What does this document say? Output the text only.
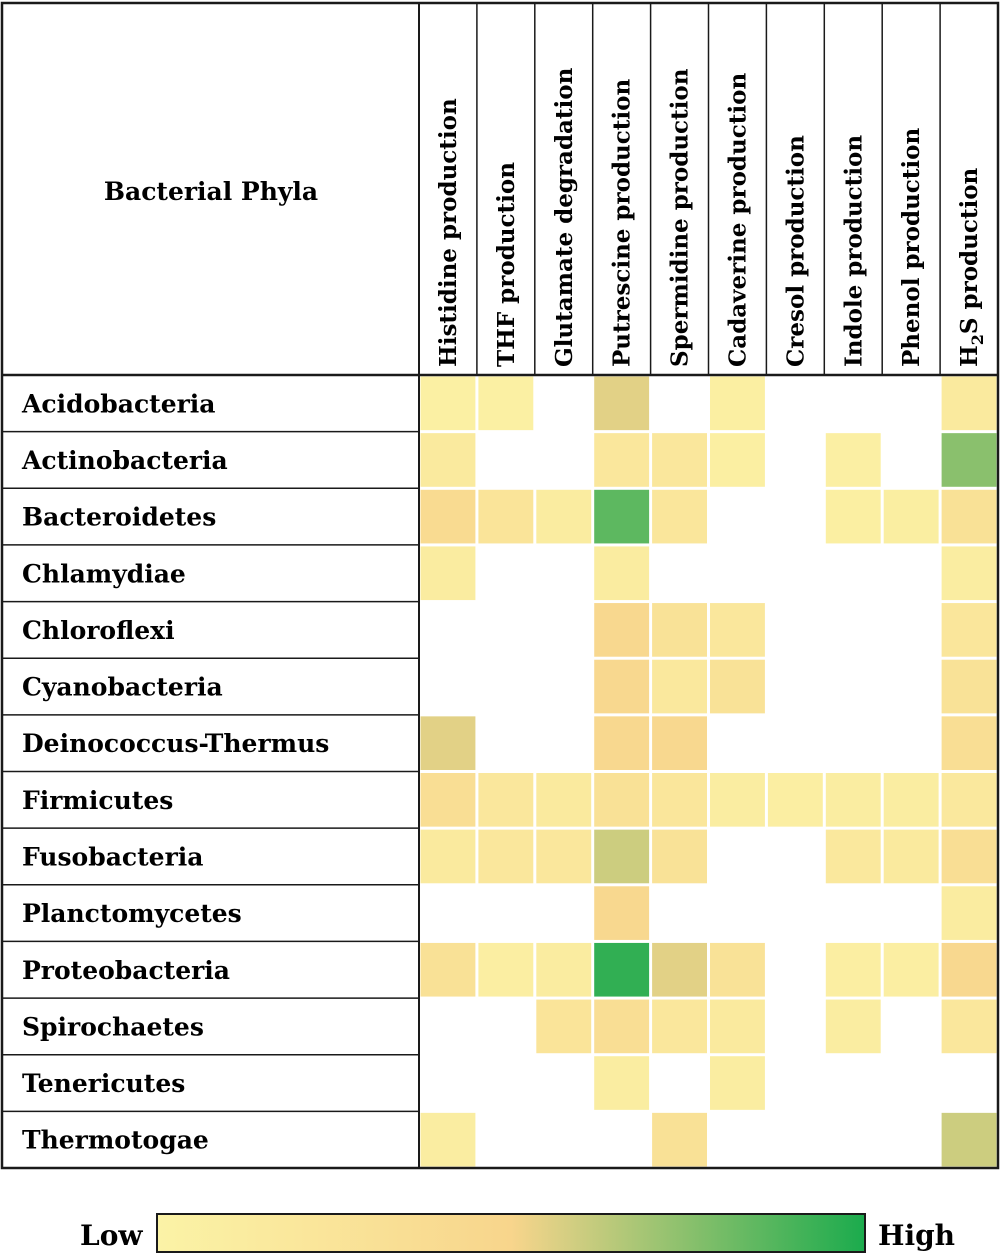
Bacterial Phyla	Histidine production THF production Glutamate degradation Putrescine production Spermidine production Cadaverine production Cresol production Indole production Phenol production $H_2S$ production
Acidobacteria
Actinobacteria
Bacteroidetes
Chlamydiae
Chloroflexi
Cyanobacteria
Deinococcus-Thermus
Firmicutes
Fusobacteria
Planctomycetes
Proteobacteria
Spirochaetes
Tenericutes
Thermotogae
Low	High
